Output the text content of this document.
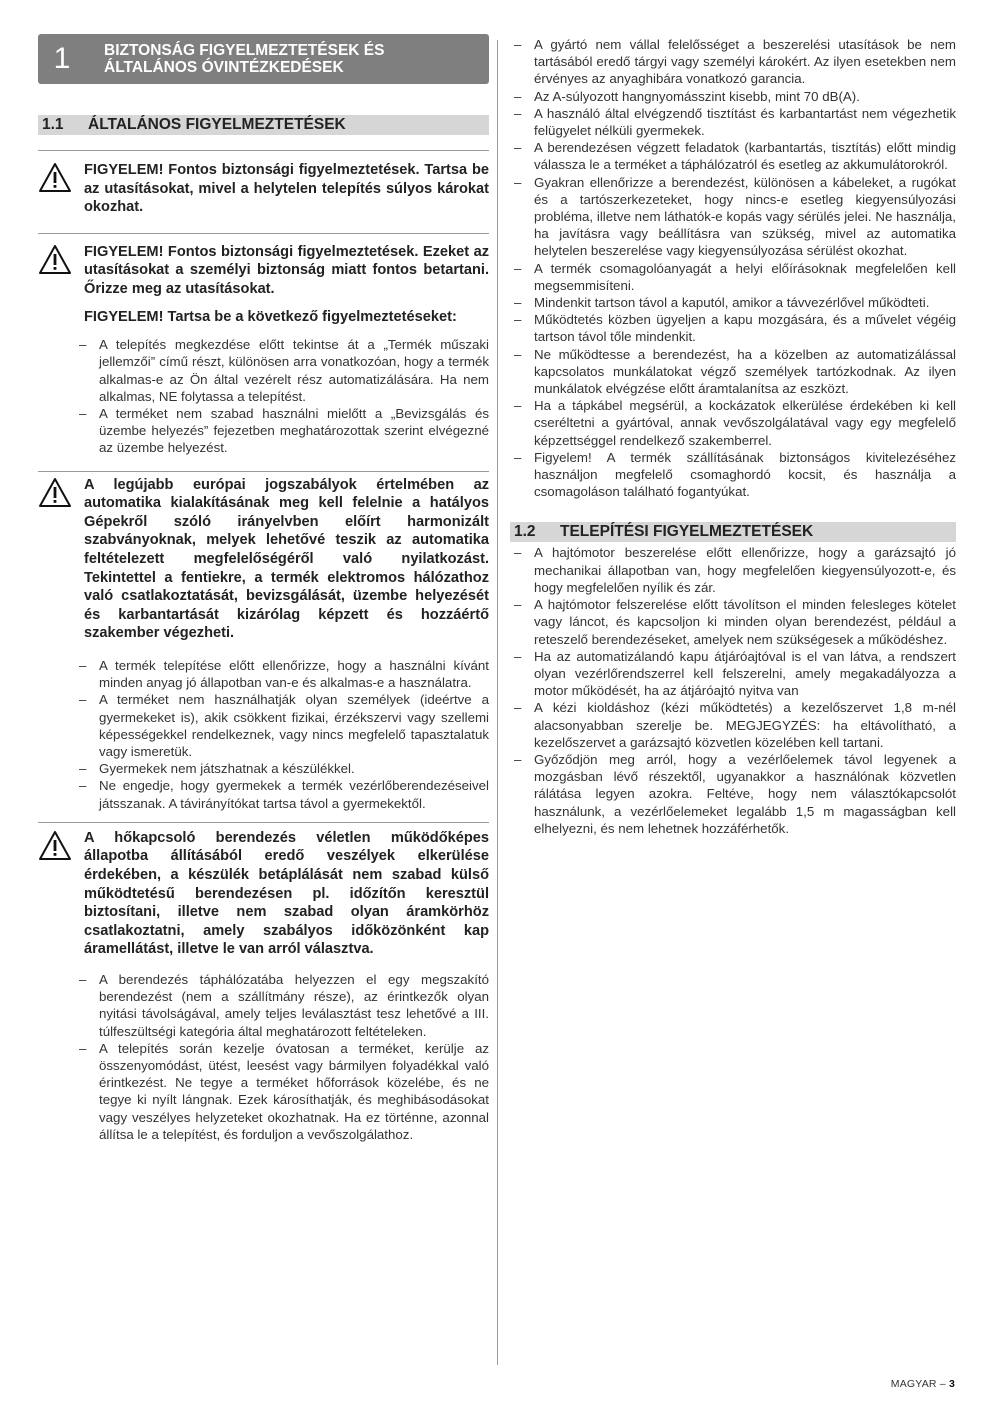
1	BIZTONSÁG FIGYELMEZTETÉSEK ÉS
ÁLTALÁNOS ÓVINTÉZKEDÉSEK
1.1	ÁLTALÁNOS FIGYELMEZTETÉSEK

FIGYELEM! Fontos biztonsági figyelmeztetések. Tartsa be az utasításokat, mivel a helytelen telepítés súlyos károkat okozhat.

FIGYELEM! Fontos biztonsági figyelmeztetések. Ezeket az utasításokat a személyi biztonság miatt fontos betartani. Őrizze meg az utasításokat.

FIGYELEM! Tartsa be a következő figyelmeztetéseket:

– A telepítés megkezdése előtt tekintse át a „Termék műszaki jellemzői” című részt, különösen arra vonatkozóan, hogy a termék alkalmas-e az Ön által vezérelt rész automatizálására. Ha nem alkalmas, NE folytassa a telepítést.
– A terméket nem szabad használni mielőtt a „Bevizsgálás és üzembe helyezés” fejezetben meghatározottak szerint elvégezné az üzembe helyezést.

A legújabb európai jogszabályok értelmében az automatika kialakításának meg kell felelnie a hatályos Gépekről szóló irányelvben előírt harmonizált szabványoknak, melyek lehetővé teszik az automatika feltételezett megfelelőségéről való nyilatkozást. Tekintettel a fentiekre, a termék elektromos hálózathoz való csatlakoztatását, bevizsgálását, üzembe helyezését és karbantartását kizárólag képzett és hozzáértő szakember végezheti.

– A termék telepítése előtt ellenőrizze, hogy a használni kívánt minden anyag jó állapotban van-e és alkalmas-e a használatra.
– A terméket nem használhatják olyan személyek (ideértve a gyermekeket is), akik csökkent fizikai, érzékszervi vagy szellemi képességekkel rendelkeznek, vagy nincs megfelelő tapasztalatuk vagy ismeretük.
– Gyermekek nem játszhatnak a készülékkel.
– Ne engedje, hogy gyermekek a termék vezérlőberendezéseivel játsszanak. A távirányítókat tartsa távol a gyermekektől.

A hőkapcsoló berendezés véletlen működőképes állapotba állításából eredő veszélyek elkerülése érdekében, a készülék betáplálását nem szabad külső működtetésű berendezésen pl. időzítőn keresztül biztosítani, illetve nem szabad olyan áramkörhöz csatlakoztatni, amely szabályos időközönként kap áramellátást, illetve le van arról választva.

– A berendezés táphálózatába helyezzen el egy megszakító berendezést (nem a szállítmány része), az érintkezők olyan nyitási távolságával, amely teljes leválasztást tesz lehetővé a III. túlfeszültségi kategória által meghatározott feltételeken.
– A telepítés során kezelje óvatosan a terméket, kerülje az összenyomódást, ütést, leesést vagy bármilyen folyadékkal való érintkezést. Ne tegye a terméket hőforrások közelébe, és ne tegye ki nyílt lángnak. Ezek károsíthatják, és meghibásodásokat vagy veszélyes helyzeteket okozhatnak. Ha ez történne, azonnal állítsa le a telepítést, és forduljon a vevőszolgálathoz.
– A gyártó nem vállal felelősséget a beszerelési utasítások be nem tartásából eredő tárgyi vagy személyi károkért. Az ilyen esetekben nem érvényes az anyaghibára vonatkozó garancia.
– Az A-súlyozott hangnyomásszint kisebb, mint 70 dB(A).
– A használó által elvégzendő tisztítást és karbantartást nem végezhetik felügyelet nélküli gyermekek.
– A berendezésen végzett feladatok (karbantartás, tisztítás) előtt mindig válassza le a terméket a táphálózatról és esetleg az akkumulátorokról.
– Gyakran ellenőrizze a berendezést, különösen a kábeleket, a rugókat és a tartószerkezeteket, hogy nincs-e esetleg kiegyensúlyozási probléma, illetve nem láthatók-e kopás vagy sérülés jelei. Ne használja, ha javításra vagy beállításra van szükség, mivel az automatika helytelen beszerelése vagy kiegyensúlyozása sérülést okozhat.
– A termék csomagolóanyagát a helyi előírásoknak megfelelően kell megsemmisíteni.
– Mindenkit tartson távol a kaputól, amikor a távvezérlővel működteti.
– Működtetés közben ügyeljen a kapu mozgására, és a művelet végéig tartson távol tőle mindenkit.
– Ne működtesse a berendezést, ha a közelben az automatizálással kapcsolatos munkálatokat végző személyek tartózkodnak. Az ilyen munkálatok elvégzése előtt áramtalanítsa az eszközt.
– Ha a tápkábel megsérül, a kockázatok elkerülése érdekében ki kell cseréltetni a gyártóval, annak vevőszolgálatával vagy egy megfelelő képzettséggel rendelkező szakemberrel.
– Figyelem! A termék szállításának biztonságos kivitelezéséhez használjon megfelelő csomaghordó kocsit, és használja a csomagoláson található fogantyúkat.
1.2	TELEPÍTÉSI FIGYELMEZTETÉSEK
– A hajtómotor beszerelése előtt ellenőrizze, hogy a garázsajtó jó mechanikai állapotban van, hogy megfelelően kiegyensúlyozott-e, és hogy megfelelően nyílik és zár.
– A hajtómotor felszerelése előtt távolítson el minden felesleges kötelet vagy láncot, és kapcsoljon ki minden olyan berendezést, például a reteszelő berendezéseket, amelyek nem szükségesek a működéshez.
– Ha az automatizálandó kapu átjáróajtóval is el van látva, a rendszert olyan vezérlőrendszerrel kell felszerelni, amely megakadályozza a motor működését, ha az átjáróajtó nyitva van
– A kézi kioldáshoz (kézi működtetés) a kezelőszervet 1,8 m-nél alacsonyabban szerelje be. MEGJEGYZÉS: ha eltávolítható, a kezelőszervet a garázsajtó közvetlen közelében kell tartani.
– Győződjön meg arról, hogy a vezérlőelemek távol legyenek a mozgásban lévő részektől, ugyanakkor a használónak közvetlen rálátása legyen azokra. Feltéve, hogy nem választókapcsolót használunk, a vezérlőelemeket legalább 1,5 m magasságban kell elhelyezni, és nem lehetnek hozzáférhetők.
MAGYAR – 3
